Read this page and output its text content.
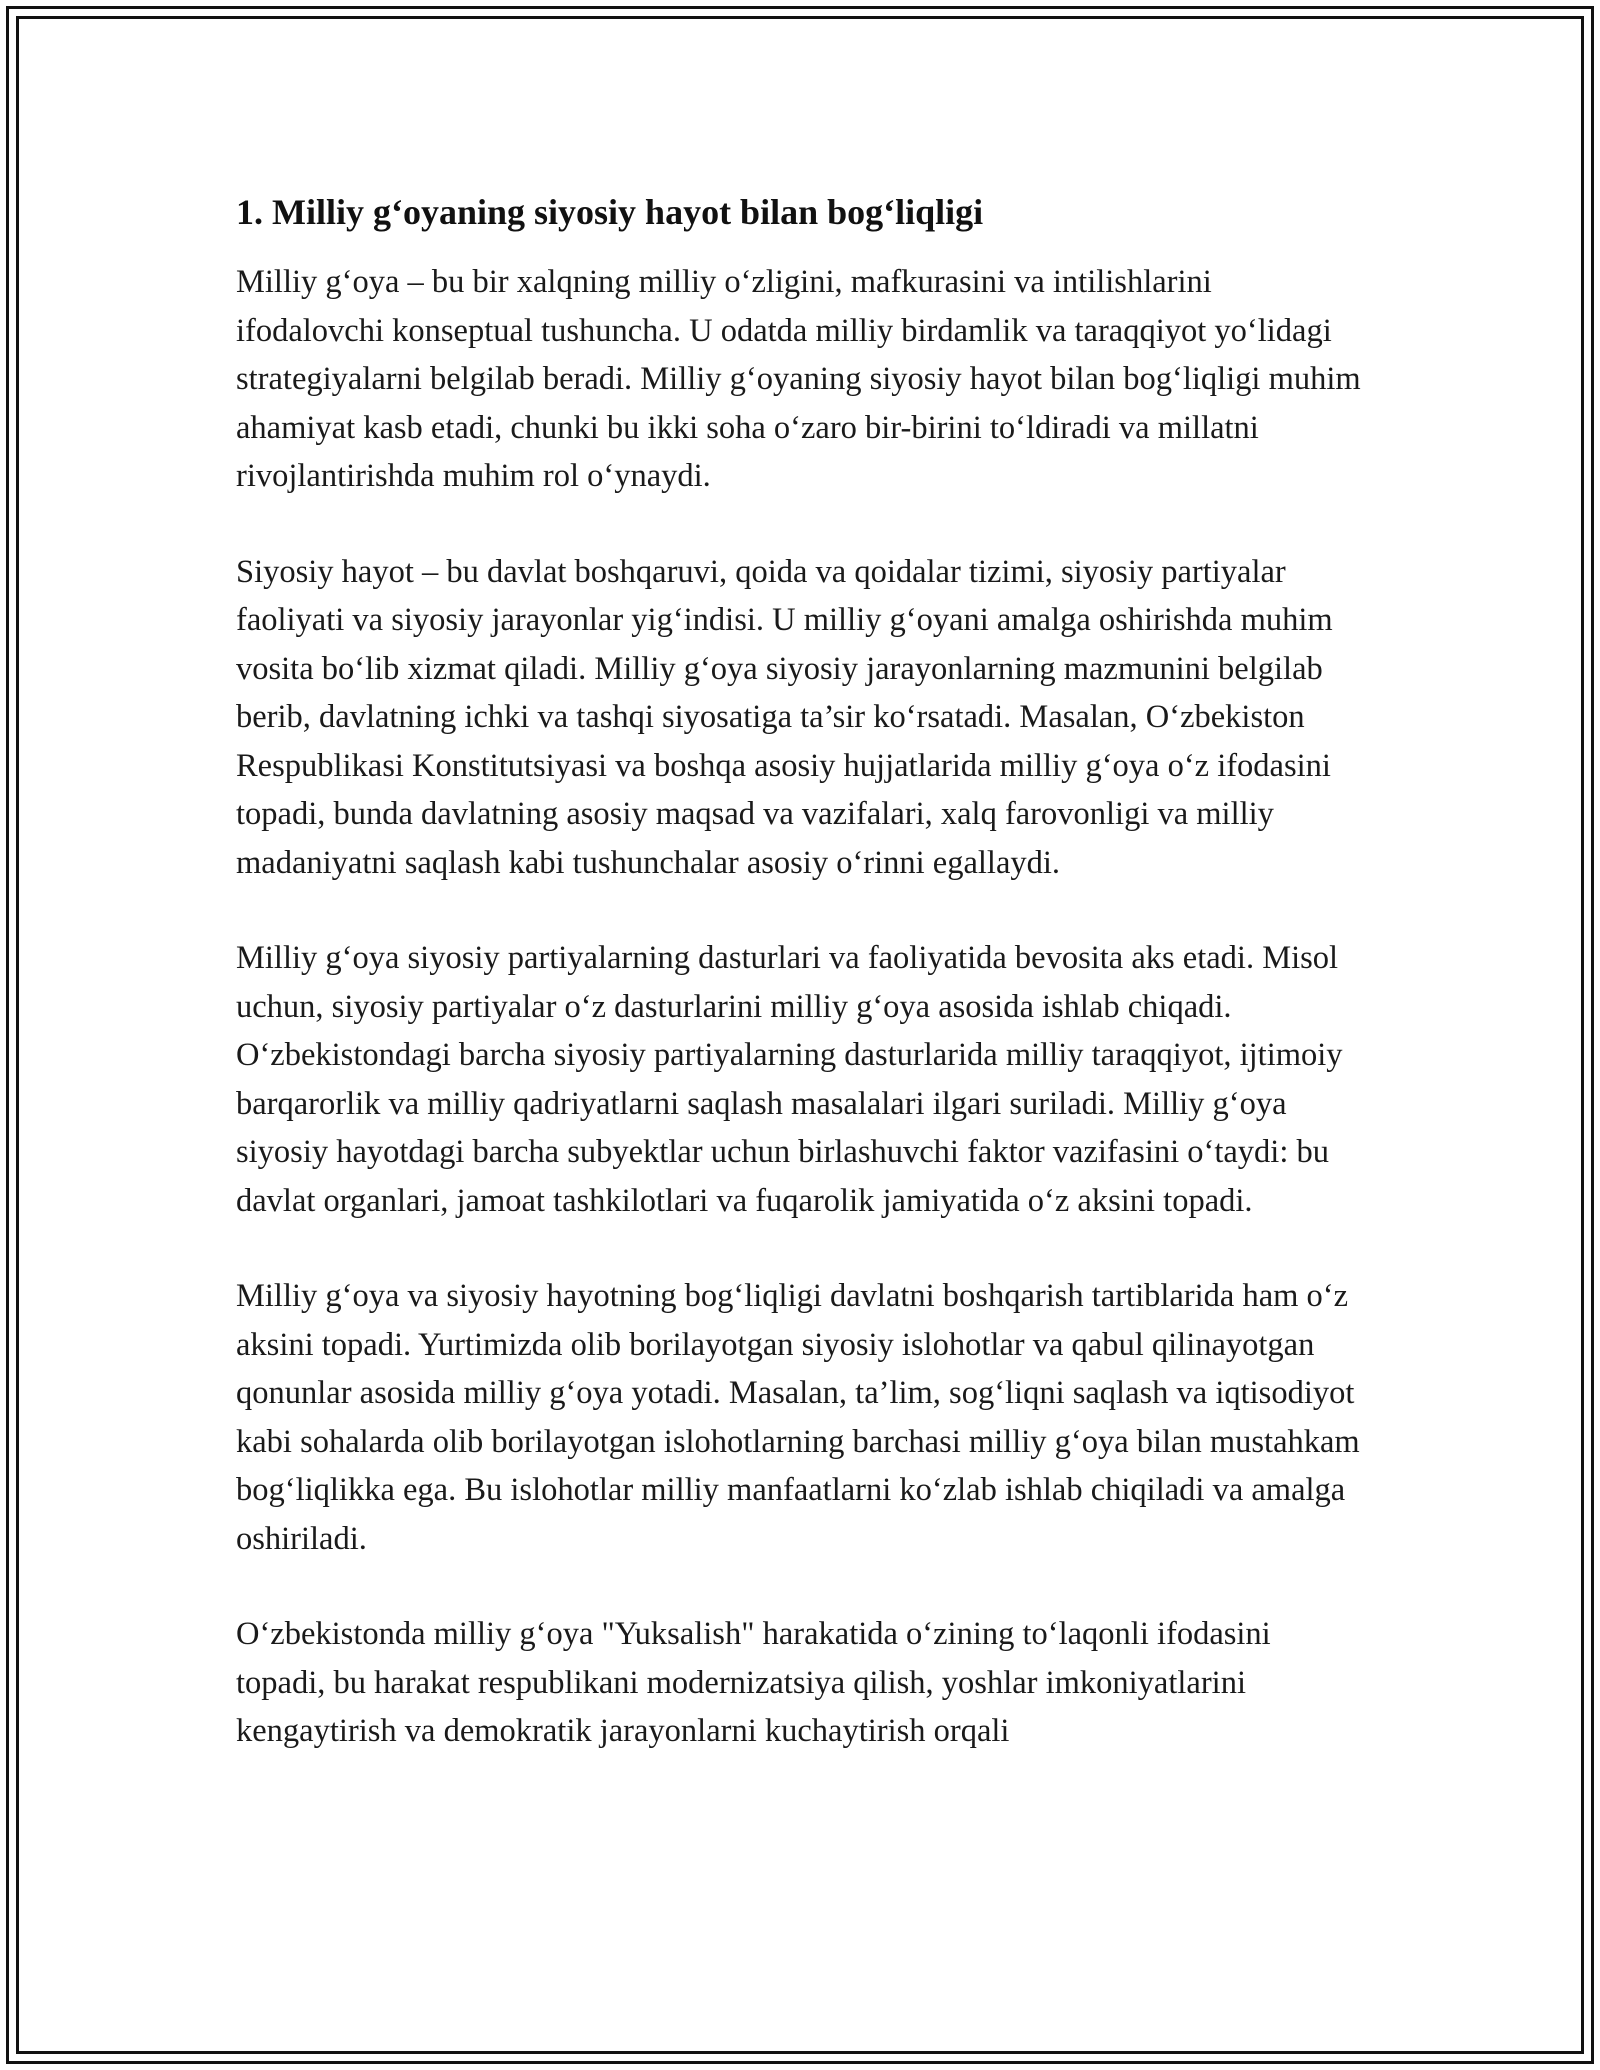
1. Milliy g‘oyaning siyosiy hayot bilan bog‘liqligi

Milliy g‘oya – bu bir xalqning milliy o‘zligini, mafkurasini va intilishlarini ifodalovchi konseptual tushuncha. U odatda milliy birdamlik va taraqqiyot yo‘lidagi strategiyalarni belgilab beradi. Milliy g‘oyaning siyosiy hayot bilan bog‘liqligi muhim ahamiyat kasb etadi, chunki bu ikki soha o‘zaro bir-birini to‘ldiradi va millatni rivojlantirishda muhim rol o‘ynaydi.

Siyosiy hayot – bu davlat boshqaruvi, qoida va qoidalar tizimi, siyosiy partiyalar faoliyati va siyosiy jarayonlar yig‘indisi. U milliy g‘oyani amalga oshirishda muhim vosita bo‘lib xizmat qiladi. Milliy g‘oya siyosiy jarayonlarning mazmunini belgilab berib, davlatning ichki va tashqi siyosatiga ta’sir ko‘rsatadi. Masalan, O‘zbekiston Respublikasi Konstitutsiyasi va boshqa asosiy hujjatlarida milliy g‘oya o‘z ifodasini topadi, bunda davlatning asosiy maqsad va vazifalari, xalq farovonligi va milliy madaniyatni saqlash kabi tushunchalar asosiy o‘rinni egallaydi.

Milliy g‘oya siyosiy partiyalarning dasturlari va faoliyatida bevosita aks etadi. Misol uchun, siyosiy partiyalar o‘z dasturlarini milliy g‘oya asosida ishlab chiqadi. O‘zbekistondagi barcha siyosiy partiyalarning dasturlarida milliy taraqqiyot, ijtimoiy barqarorlik va milliy qadriyatlarni saqlash masalalari ilgari suriladi. Milliy g‘oya siyosiy hayotdagi barcha subyektlar uchun birlashuvchi faktor vazifasini o‘taydi: bu davlat organlari, jamoat tashkilotlari va fuqarolik jamiyatida o‘z aksini topadi.

Milliy g‘oya va siyosiy hayotning bog‘liqligi davlatni boshqarish tartiblarida ham o‘z aksini topadi. Yurtimizda olib borilayotgan siyosiy islohotlar va qabul qilinayotgan qonunlar asosida milliy g‘oya yotadi. Masalan, ta’lim, sog‘liqni saqlash va iqtisodiyot kabi sohalarda olib borilayotgan islohotlarning barchasi milliy g‘oya bilan mustahkam bog‘liqlikka ega. Bu islohotlar milliy manfaatlarni ko‘zlab ishlab chiqiladi va amalga oshiriladi.

O‘zbekistonda milliy g‘oya "Yuksalish" harakatida o‘zining to‘laqonli ifodasini topadi, bu harakat respublikani modernizatsiya qilish, yoshlar imkoniyatlarini kengaytirish va demokratik jarayonlarni kuchaytirish orqali
